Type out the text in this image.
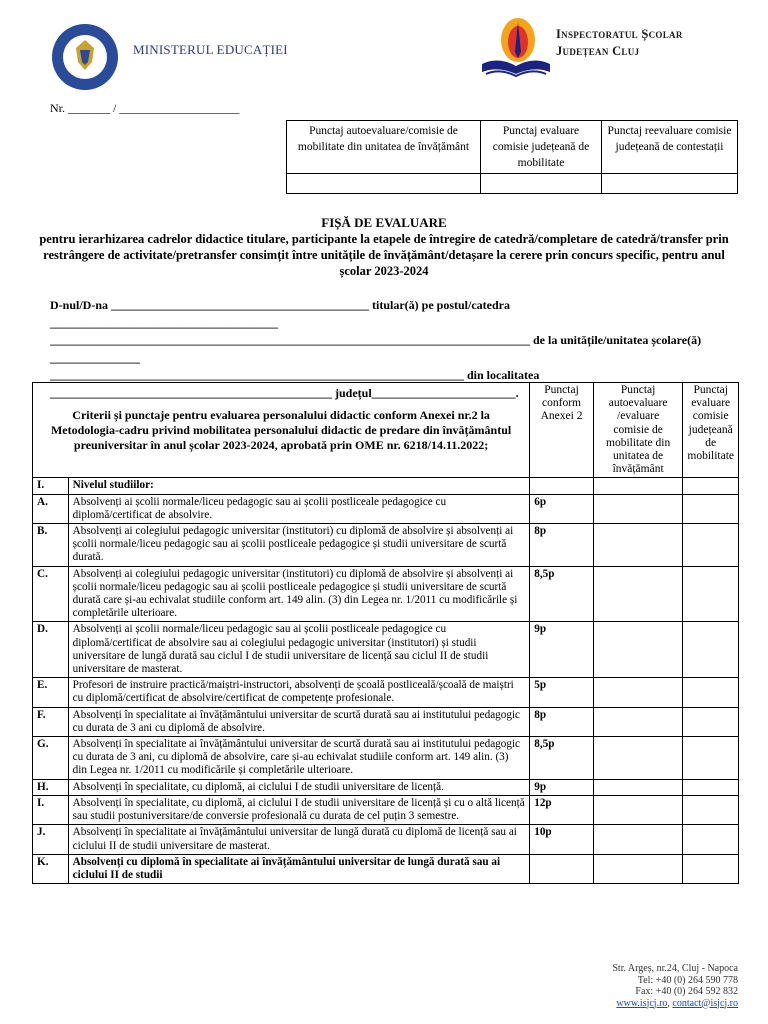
MINISTERUL EDUCAȚIEI
Inspectoratul Școlar
Județean Cluj
Nr. _______ / ____________________
Punctaj autoevaluare/comisie de mobilitate din unitatea de învățământ	Punctaj evaluare comisie județeană de mobilitate	Punctaj reevaluare comisie județeană de contestații

FIȘĂ DE EVALUARE
pentru ierarhizarea cadrelor didactice titulare, participante la etapele de întregire de catedră/completare de catedră/transfer prin restrângere de activitate/pretransfer consimțit între unitățile de învățământ/detașare la cerere prin concurs specific, pentru anul școlar 2023-2024
D-nul/D-na ___________________________________________ titular(ă) pe postul/catedra ______________________________________
________________________________________________________________________________ de la unitățile/unitatea școlare(ă) _______________
_____________________________________________________________________ din localitatea
_______________________________________________ județul________________________.
Criterii și punctaje pentru evaluarea personalului didactic conform Anexei nr.2 la Metodologia-cadru privind mobilitatea personalului didactic de predare din învățământul preuniversitar în anul școlar 2023-2024, aprobată prin OME nr. 6218/14.11.2022;		Punctaj conform Anexei 2	Punctaj autoevaluare /evaluare comisie de mobilitate din unitatea de învățământ	Punctaj evaluare comisie județeană de mobilitate
I.	Nivelul studiilor:			
A.	Absolvenți ai școlii normale/liceu pedagogic sau ai școlii postliceale pedagogice cu diplomă/certificat de absolvire.	6p		
B.	Absolvenți ai colegiului pedagogic universitar (institutori) cu diplomă de absolvire și absolvenți ai școlii normale/liceu pedagogic sau ai școlii postliceale pedagogice și studii universitare de scurtă durată.	8p		
C.	Absolvenți ai colegiului pedagogic universitar (institutori) cu diplomă de absolvire și absolvenți ai școlii normale/liceu pedagogic sau ai școlii postliceale pedagogice și studii universitare de scurtă durată care și-au echivalat studiile conform art. 149 alin. (3) din Legea nr. 1/2011 cu modificările și completările ulterioare.	8,5p		
D.	Absolvenți ai școlii normale/liceu pedagogic sau ai școlii postliceale pedagogice cu diplomă/certificat de absolvire sau ai colegiului pedagogic universitar (institutori) și studii universitare de lungă durată sau ciclul I de studii universitare de licență sau ciclul II de studii universitare de masterat.	9p		
E.	Profesori de instruire practică/maiștri-instructori, absolvenți de școală postliceală/școală de maiștri cu diplomă/certificat de absolvire/certificat de competențe profesionale.	5p		
F.	Absolvenți în specialitate ai învățământului universitar de scurtă durată sau ai institutului pedagogic cu durata de 3 ani cu diplomă de absolvire.	8p		
G.	Absolvenți în specialitate ai învățământului universitar de scurtă durată sau ai institutului pedagogic cu durata de 3 ani, cu diplomă de absolvire, care și-au echivalat studiile conform art. 149 alin. (3) din Legea nr. 1/2011 cu modificările și completările ulterioare.	8,5p		
H.	Absolvenți în specialitate, cu diplomă, ai ciclului I de studii universitare de licență.	9p		
I.	Absolvenți în specialitate, cu diplomă, ai ciclului I de studii universitare de licență și cu o altă licență sau studii postuniversitare/de conversie profesională cu durata de cel puțin 3 semestre.	12p		
J.	Absolvenți în specialitate ai învățământului universitar de lungă durată cu diplomă de licență sau ai ciclului II de studii universitare de masterat.	10p		
K.	Absolvenți cu diplomă în specialitate ai învățământului universitar de lungă durată sau ai ciclului II de studii			
Str. Argeș, nr.24, Cluj - Napoca
Tel: +40 (0) 264 590 778
Fax: +40 (0) 264 592 832
www.isjcj.ro, contact@isjcj.ro
